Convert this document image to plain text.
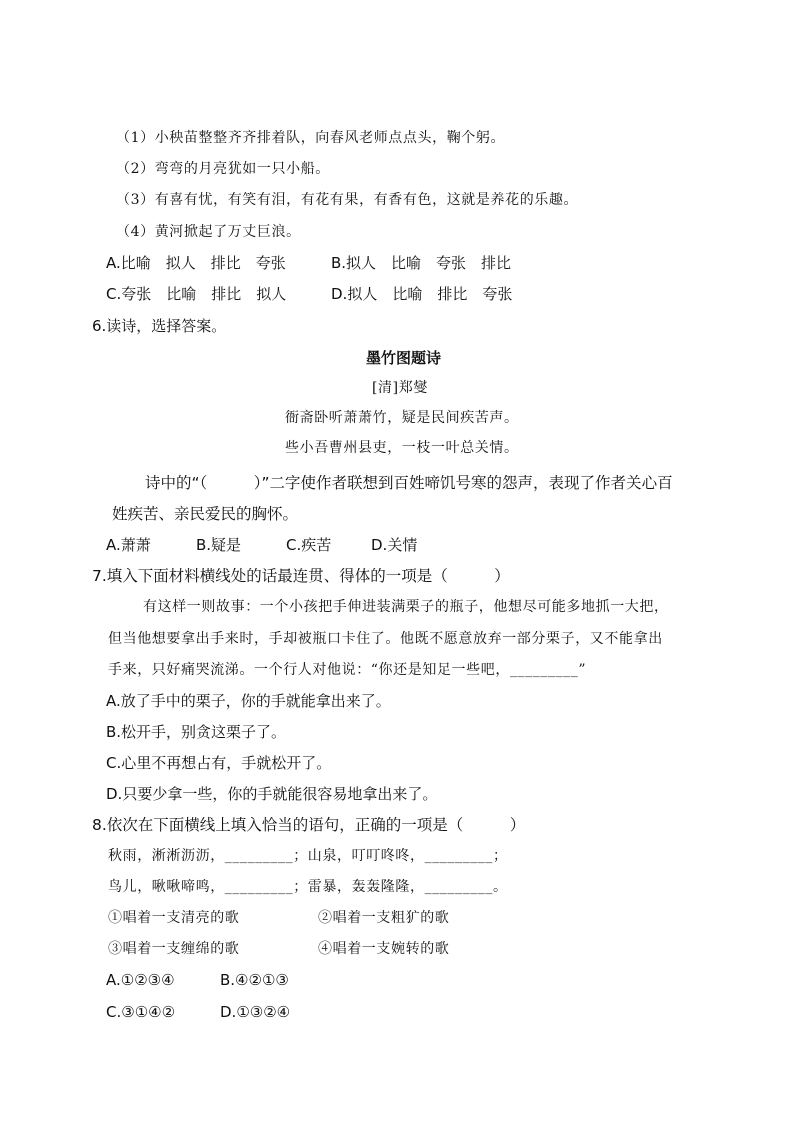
（1）小秧苗整整齐齐排着队，向春风老师点点头，鞠个躬。
（2）弯弯的月亮犹如一只小船。
（3）有喜有忧，有笑有泪，有花有果，有香有色，这就是养花的乐趣。
（4）黄河掀起了万丈巨浪。
A.比喻　拟人　排比　夸张	B.拟人　比喻　夸张　排比
C.夸张　比喻　排比　拟人	D.拟人　比喻　排比　夸张
6.读诗，选择答案。
墨竹图题诗
[清]郑燮
衙斋卧听萧萧竹，疑是民间疾苦声。
些小吾曹州县吏，一枝一叶总关情。
诗中的“（　　　）”二字使作者联想到百姓啼饥号寒的怨声，表现了作者关心百
姓疾苦、亲民爱民的胸怀。
A.萧萧	B.疑是	C.疾苦	D.关情
7.填入下面材料横线处的话最连贯、得体的一项是（　　　）
有这样一则故事：一个小孩把手伸进装满栗子的瓶子，他想尽可能多地抓一大把，
但当他想要拿出手来时，手却被瓶口卡住了。他既不愿意放弃一部分栗子，又不能拿出
手来，只好痛哭流涕。一个行人对他说：“你还是知足一些吧，_________”
A.放了手中的栗子，你的手就能拿出来了。
B.松开手，别贪这栗子了。
C.心里不再想占有，手就松开了。
D.只要少拿一些，你的手就能很容易地拿出来了。
8.依次在下面横线上填入恰当的语句，正确的一项是（　　　）
秋雨，淅淅沥沥，_________；山泉，叮叮咚咚，_________；
鸟儿，啾啾啼鸣，_________；雷暴，轰轰隆隆，_________。
①唱着一支清亮的歌	②唱着一支粗犷的歌
③唱着一支缠绵的歌	④唱着一支婉转的歌
A.①②③④	B.④②①③
C.③①④②	D.①③②④
